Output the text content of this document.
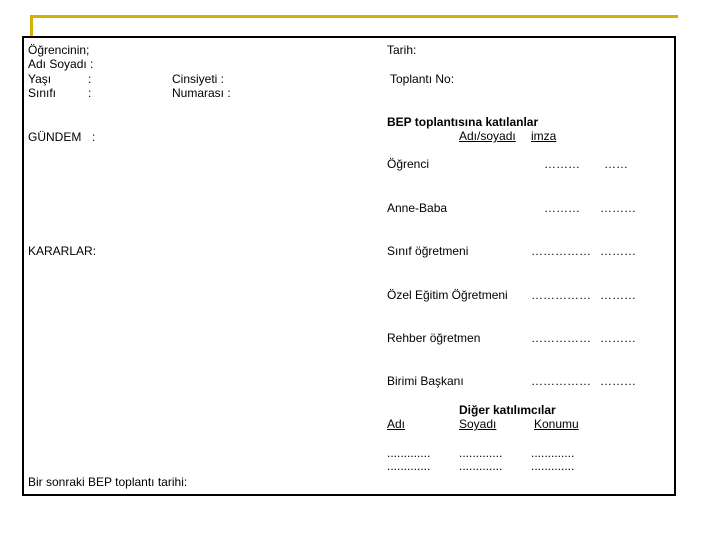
Öğrencinin;
Adı Soyadı :
Yaşı	:
Sınıfı	:
Cinsiyeti :
Numarası :
GÜNDEM :
KARARLAR:
Bir sonraki BEP toplantı tarihi:
Tarih:
Toplantı No:
BEP toplantısına katılanlar
Adı/soyadı imza
Öğrenci	……… ……
Anne-Baba	……… ………
Sınıf öğretmeni	…………… ………
Özel Eğitim Öğretmeni …………… ………
Rehber öğretmen	…………… ………
Birimi Başkanı	…………… ………
Diğer katılımcılar
Adı	Soyadı	Konumu
............. ............. .............
............. ............. .............
